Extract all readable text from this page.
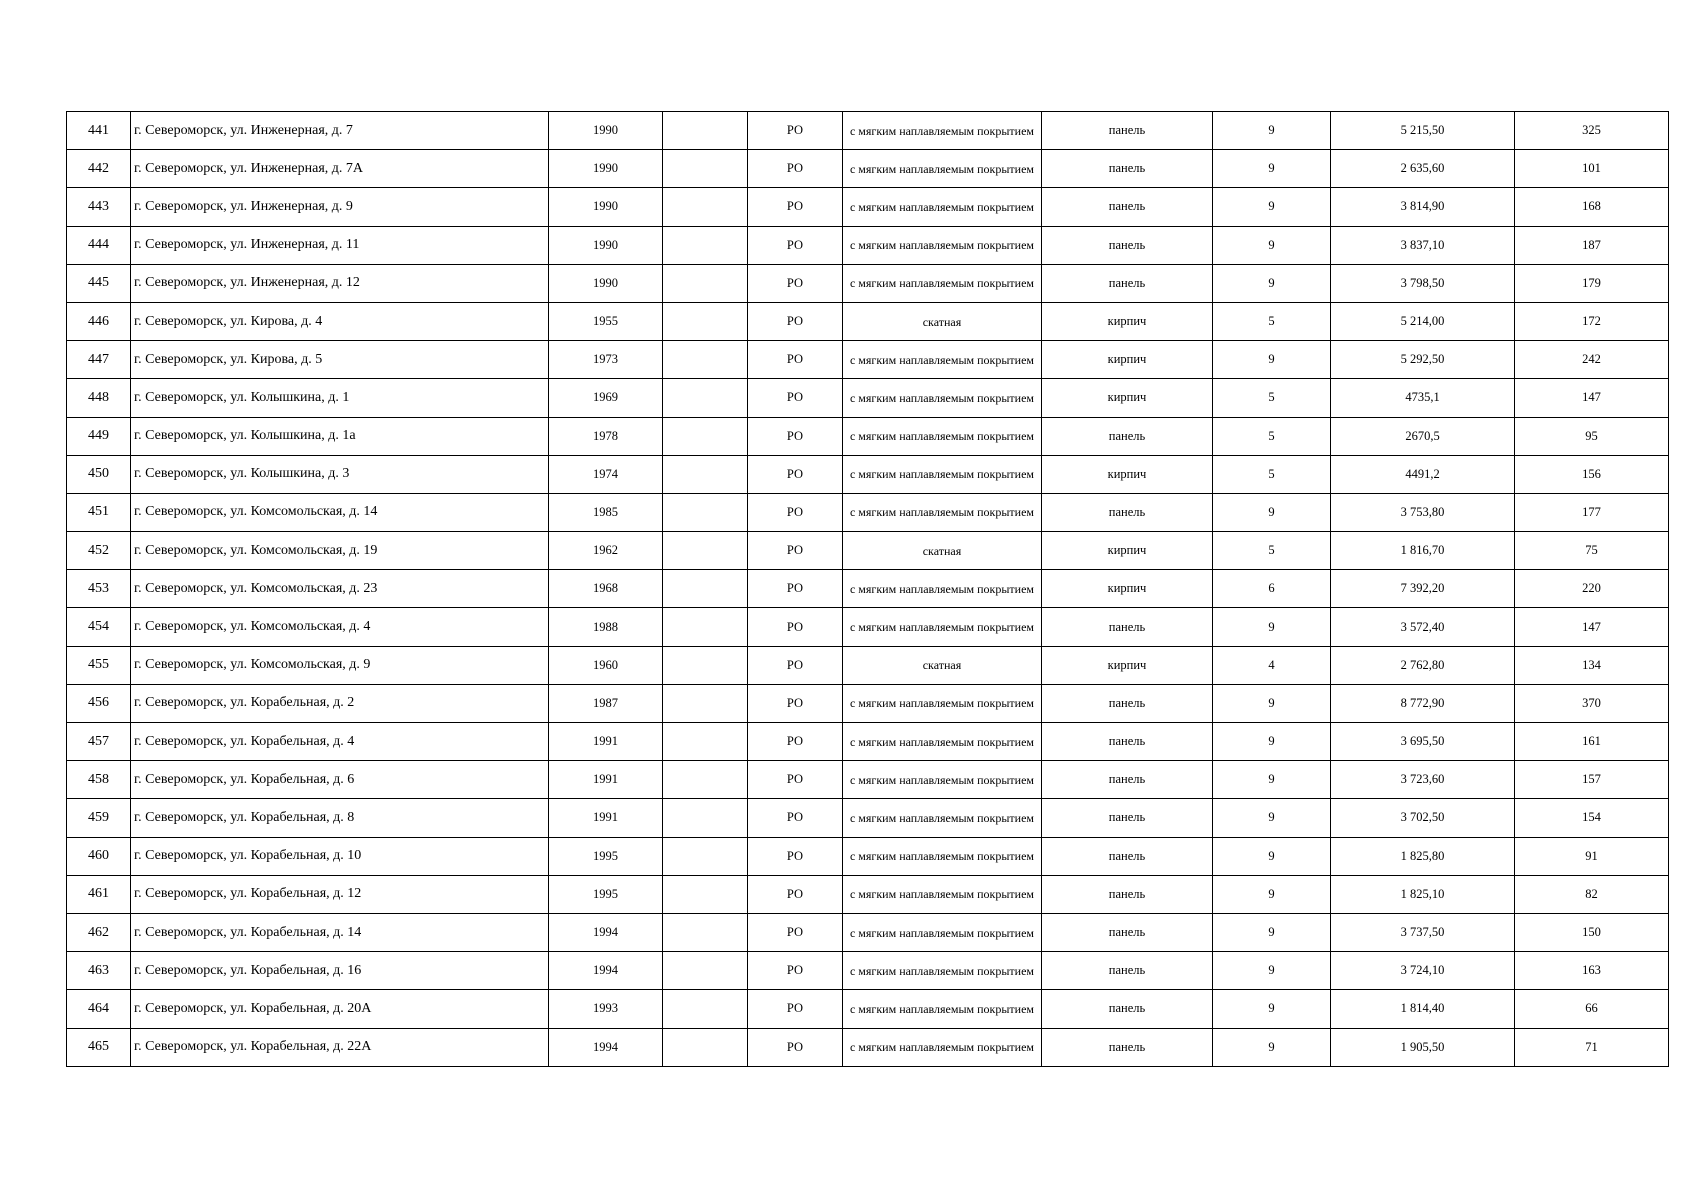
441	г. Североморск, ул. Инженерная, д. 7	1990		РО	с мягким наплавляемым покрытием	панель	9	5 215,50	325
442	г. Североморск, ул. Инженерная, д. 7А	1990		РО	с мягким наплавляемым покрытием	панель	9	2 635,60	101
443	г. Североморск, ул. Инженерная, д. 9	1990		РО	с мягким наплавляемым покрытием	панель	9	3 814,90	168
444	г. Североморск, ул. Инженерная, д. 11	1990		РО	с мягким наплавляемым покрытием	панель	9	3 837,10	187
445	г. Североморск, ул. Инженерная, д. 12	1990		РО	с мягким наплавляемым покрытием	панель	9	3 798,50	179
446	г. Североморск, ул. Кирова, д. 4	1955		РО	скатная	кирпич	5	5 214,00	172
447	г. Североморск, ул. Кирова, д. 5	1973		РО	с мягким наплавляемым покрытием	кирпич	9	5 292,50	242
448	г. Североморск, ул. Колышкина, д. 1	1969		РО	с мягким наплавляемым покрытием	кирпич	5	4735,1	147
449	г. Североморск, ул. Колышкина, д. 1а	1978		РО	с мягким наплавляемым покрытием	панель	5	2670,5	95
450	г. Североморск, ул. Колышкина, д. 3	1974		РО	с мягким наплавляемым покрытием	кирпич	5	4491,2	156
451	г. Североморск, ул. Комсомольская, д. 14	1985		РО	с мягким наплавляемым покрытием	панель	9	3 753,80	177
452	г. Североморск, ул. Комсомольская, д. 19	1962		РО	скатная	кирпич	5	1 816,70	75
453	г. Североморск, ул. Комсомольская, д. 23	1968		РО	с мягким наплавляемым покрытием	кирпич	6	7 392,20	220
454	г. Североморск, ул. Комсомольская, д. 4	1988		РО	с мягким наплавляемым покрытием	панель	9	3 572,40	147
455	г. Североморск, ул. Комсомольская, д. 9	1960		РО	скатная	кирпич	4	2 762,80	134
456	г. Североморск, ул. Корабельная, д. 2	1987		РО	с мягким наплавляемым покрытием	панель	9	8 772,90	370
457	г. Североморск, ул. Корабельная, д. 4	1991		РО	с мягким наплавляемым покрытием	панель	9	3 695,50	161
458	г. Североморск, ул. Корабельная, д. 6	1991		РО	с мягким наплавляемым покрытием	панель	9	3 723,60	157
459	г. Североморск, ул. Корабельная, д. 8	1991		РО	с мягким наплавляемым покрытием	панель	9	3 702,50	154
460	г. Североморск, ул. Корабельная, д. 10	1995		РО	с мягким наплавляемым покрытием	панель	9	1 825,80	91
461	г. Североморск, ул. Корабельная, д. 12	1995		РО	с мягким наплавляемым покрытием	панель	9	1 825,10	82
462	г. Североморск, ул. Корабельная, д. 14	1994		РО	с мягким наплавляемым покрытием	панель	9	3 737,50	150
463	г. Североморск, ул. Корабельная, д. 16	1994		РО	с мягким наплавляемым покрытием	панель	9	3 724,10	163
464	г. Североморск, ул. Корабельная, д. 20А	1993		РО	с мягким наплавляемым покрытием	панель	9	1 814,40	66
465	г. Североморск, ул. Корабельная, д. 22А	1994		РО	с мягким наплавляемым покрытием	панель	9	1 905,50	71
